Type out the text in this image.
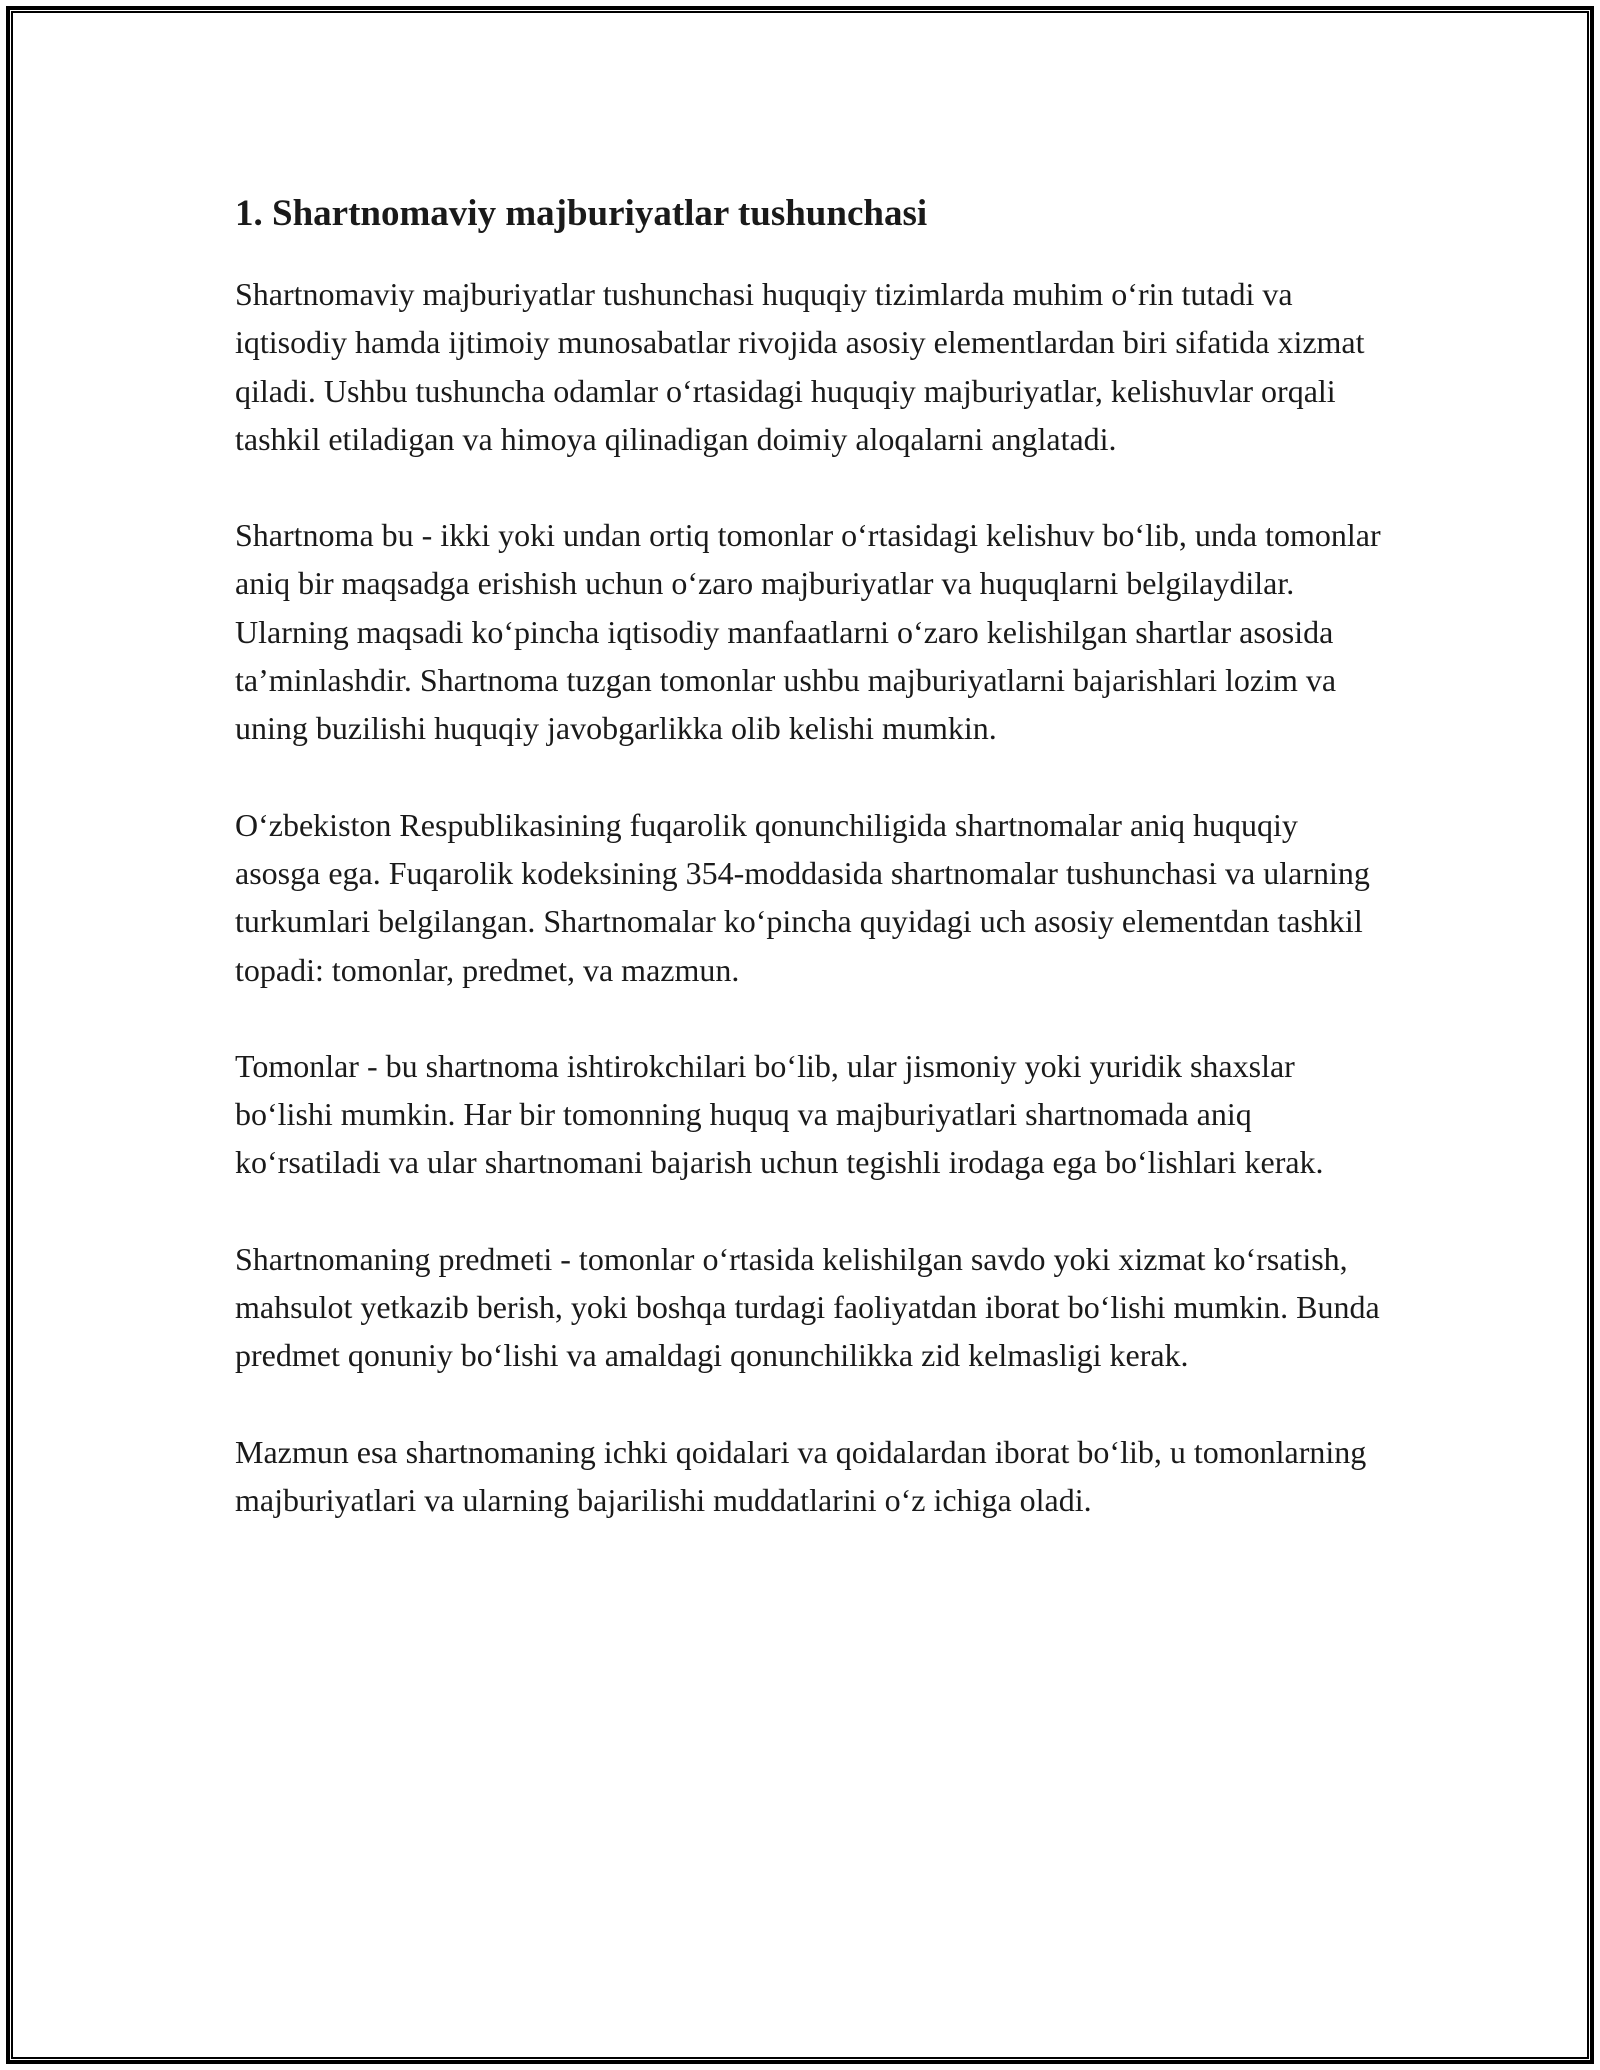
1. Shartnomaviy majburiyatlar tushunchasi

Shartnomaviy majburiyatlar tushunchasi huquqiy tizimlarda muhim o‘rin tutadi va iqtisodiy hamda ijtimoiy munosabatlar rivojida asosiy elementlardan biri sifatida xizmat qiladi. Ushbu tushuncha odamlar o‘rtasidagi huquqiy majburiyatlar, kelishuvlar orqali tashkil etiladigan va himoya qilinadigan doimiy aloqalarni anglatadi.

Shartnoma bu - ikki yoki undan ortiq tomonlar o‘rtasidagi kelishuv bo‘lib, unda tomonlar aniq bir maqsadga erishish uchun o‘zaro majburiyatlar va huquqlarni belgilaydilar. Ularning maqsadi ko‘pincha iqtisodiy manfaatlarni o‘zaro kelishilgan shartlar asosida ta’minlashdir. Shartnoma tuzgan tomonlar ushbu majburiyatlarni bajarishlari lozim va uning buzilishi huquqiy javobgarlikka olib kelishi mumkin.

O‘zbekiston Respublikasining fuqarolik qonunchiligida shartnomalar aniq huquqiy asosga ega. Fuqarolik kodeksining 354-moddasida shartnomalar tushunchasi va ularning turkumlari belgilangan. Shartnomalar ko‘pincha quyidagi uch asosiy elementdan tashkil topadi: tomonlar, predmet, va mazmun.

Tomonlar - bu shartnoma ishtirokchilari bo‘lib, ular jismoniy yoki yuridik shaxslar bo‘lishi mumkin. Har bir tomonning huquq va majburiyatlari shartnomada aniq ko‘rsatiladi va ular shartnomani bajarish uchun tegishli irodaga ega bo‘lishlari kerak.

Shartnomaning predmeti - tomonlar o‘rtasida kelishilgan savdo yoki xizmat ko‘rsatish, mahsulot yetkazib berish, yoki boshqa turdagi faoliyatdan iborat bo‘lishi mumkin. Bunda predmet qonuniy bo‘lishi va amaldagi qonunchilikka zid kelmasligi kerak.

Mazmun esa shartnomaning ichki qoidalari va qoidalardan iborat bo‘lib, u tomonlarning majburiyatlari va ularning bajarilishi muddatlarini o‘z ichiga oladi.
